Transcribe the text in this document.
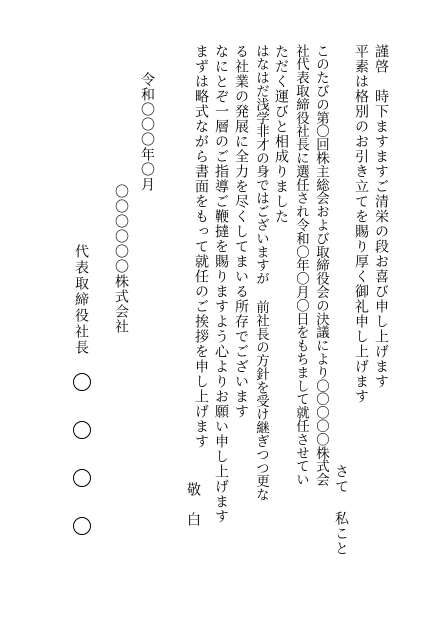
謹啓　時下ますますご清栄の段お喜び申し上げます
平素は格別のお引き立てを賜り厚く御礼申し上げます
さて 私こと
このたびの第〇回株主総会および取締役会の決議により〇〇〇〇〇株式会
社代表取締役社長に選任され令和〇年〇月〇日をもちまして就任させてい
ただく運びと相成りました
はなはだ浅学非才の身ではございますが 前社長の方針を受け継ぎつつ更な
る社業の発展に全力を尽くしてまいる所存でございます
なにとぞ一層のご指導ご鞭撻を賜りますよう心よりお願い申し上げます
まずは略式ながら書面をもって就任のご挨拶を申し上げます
敬　白
令和〇〇〇年〇月
〇〇〇〇〇〇株式会社
代表取締役社長
